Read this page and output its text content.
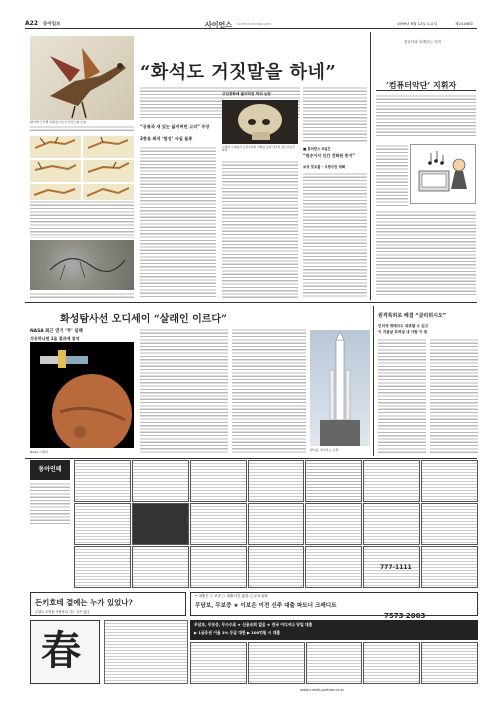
A22 동아일보	사이언스 science.donga.com	1999년 6월 12일 토요일	제24186호
“화석도 거짓말을 하네”
화석에 근거해 복원된 디노사우르스의 모습
“공룡과 새 있는 잃어버린 고리” 주장
2종류 화석 ‘합성’ 사실 들통
고인류학에 불어닥친 허위 논란
사람의 두개골과 오랑우탄의 턱뼈를 붙여 날조한 필트다운인 화석	■ 휴러런스 5일간
“원숭이서 인간 진화된 증거”
보상 덧교물 - 오랑우탄 턱뼈
컴퓨터와 함께하는 과학
‘컴퓨터악단’ 지휘자
화성탐사선 오디세이 “살래인 이르다”
NASA 최근 연기 ‘무’ 실패
성공하나면 1을 결과에 참석
NASA 그래픽	발사를 기다리는 로켓
원격특허로 해결 “클리허시오”
인터넷 재테크도 대표할 수 있고
이 겨울날 흐려질 내 사람 이 원
동아인테
777-1111
7573 2003
• 대출은 ○ 보증 ○ 대출기간 없음 ○ 무료상담
무담보, 무보증 ★ 이보은 이전 신주 대출 파트너 크레디트
든키호테 곁에는 누가 있었나?
무답도 무빙물 사람마다 가는 길은 없다
春
무담보, 무보증, 무수수료 ★ 신용조회 없음 ★ 전국 어디서나 당일 대출
▶ 1금융권 이율 1% 등급 대한 ▶ 100억원 시 대출
www.credit-partner.co.kr
